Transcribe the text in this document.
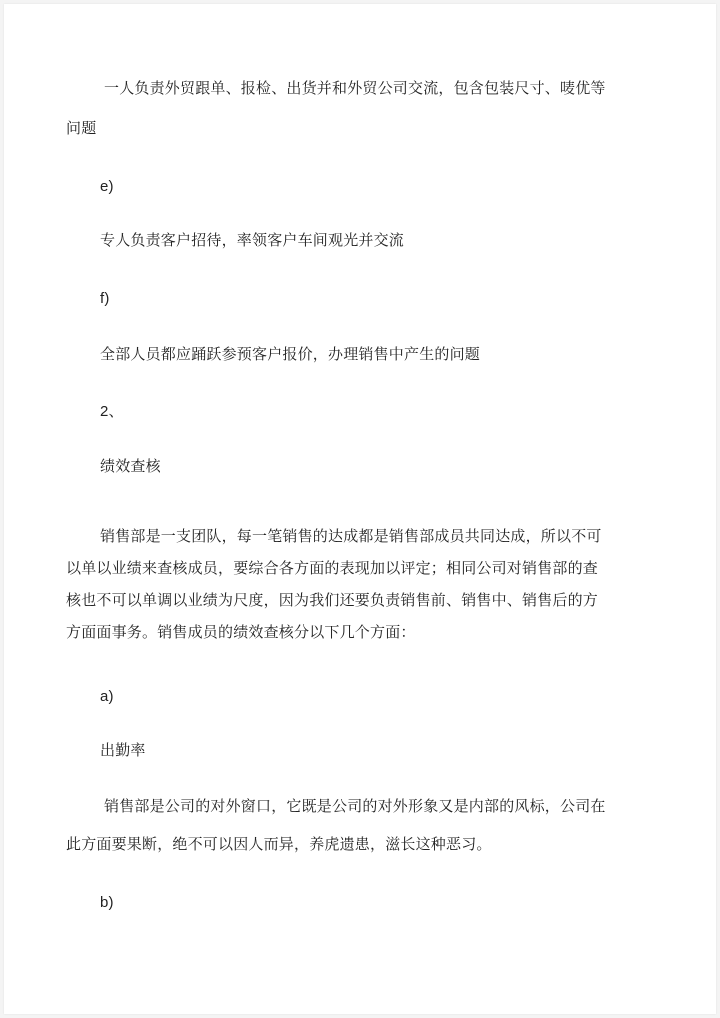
一人负责外贸跟单、报检、出货并和外贸公司交流，包含包装尺寸、唛优等
问题
e)
专人负责客户招待，率领客户车间观光并交流
f)
全部人员都应踊跃参预客户报价，办理销售中产生的问题
2、
绩效查核
销售部是一支团队，每一笔销售的达成都是销售部成员共同达成，所以不可
以单以业绩来查核成员，要综合各方面的表现加以评定；相同公司对销售部的查
核也不可以单调以业绩为尺度，因为我们还要负责销售前、销售中、销售后的方
方面面事务。销售成员的绩效查核分以下几个方面：
a)
出勤率
销售部是公司的对外窗口，它既是公司的对外形象又是内部的风标，公司在
此方面要果断，绝不可以因人而异，养虎遗患，滋长这种恶习。
b)
